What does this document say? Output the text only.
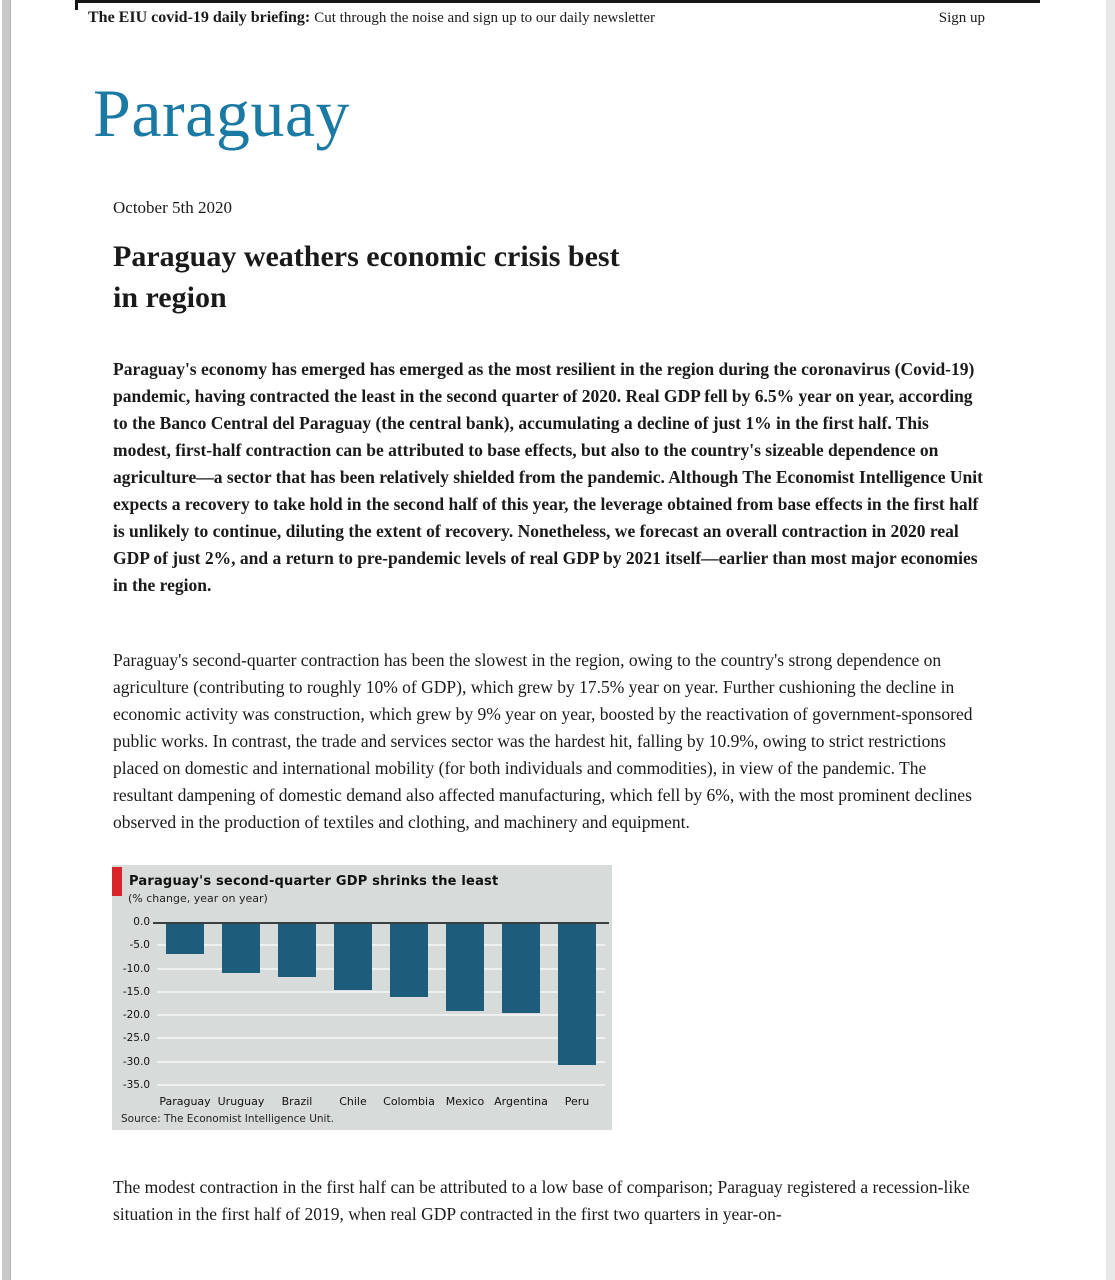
The EIU covid-19 daily briefing: Cut through the noise and sign up to our daily newsletter	Sign up
Paraguay
October 5th 2020
Paraguay weathers economic crisis best in region

Paraguay's economy has emerged has emerged as the most resilient in the region during the coronavirus (Covid-19) pandemic, having contracted the least in the second quarter of 2020. Real GDP fell by 6.5% year on year, according to the Banco Central del Paraguay (the central bank), accumulating a decline of just 1% in the first half. This modest, first-half contraction can be attributed to base effects, but also to the country's sizeable dependence on agriculture—a sector that has been relatively shielded from the pandemic. Although The Economist Intelligence Unit expects a recovery to take hold in the second half of this year, the leverage obtained from base effects in the first half is unlikely to continue, diluting the extent of recovery. Nonetheless, we forecast an overall contraction in 2020 real GDP of just 2%, and a return to pre-pandemic levels of real GDP by 2021 itself—earlier than most major economies in the region.

Paraguay's second-quarter contraction has been the slowest in the region, owing to the country's strong dependence on agriculture (contributing to roughly 10% of GDP), which grew by 17.5% year on year. Further cushioning the decline in economic activity was construction, which grew by 9% year on year, boosted by the reactivation of government-sponsored public works. In contrast, the trade and services sector was the hardest hit, falling by 10.9%, owing to strict restrictions placed on domestic and international mobility (for both individuals and commodities), in view of the pandemic. The resultant dampening of domestic demand also affected manufacturing, which fell by 6%, with the most prominent declines observed in the production of textiles and clothing, and machinery and equipment.

Paraguay's second-quarter GDP shrinks the least
(% change, year on year)
0.0
-5.0
-10.0
-15.0
-20.0
-25.0
-30.0
-35.0
Paraguay Uruguay	Brazil	Chile	Colombia Mexico Argentina	Peru
Source: The Economist Intelligence Unit.

The modest contraction in the first half can be attributed to a low base of comparison; Paraguay registered a recession-like situation in the first half of 2019, when real GDP contracted in the first two quarters in year-on-
